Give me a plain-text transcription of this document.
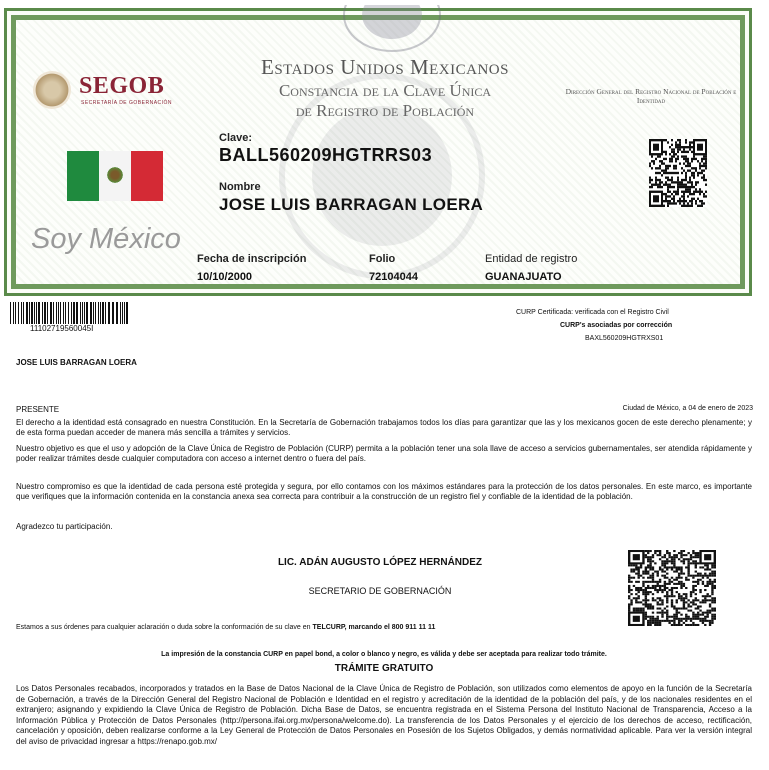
SEGOB
SECRETARÍA DE GOBERNACIÓN
Estados Unidos Mexicanos
Constancia de la Clave Única
de Registro de Población
Dirección General del Registro Nacional de Población e Identidad
Soy México
Clave:
BALL560209HGTRRS03
Nombre
JOSE LUIS BARRAGAN LOERA
Fecha de inscripción
10/10/2000
Folio
72104044
Entidad de registro
GUANAJUATO
11102719560045I
CURP Certificada: verificada con el Registro Civil
CURP's asociadas por corrección
BAXL560209HGTRXS01
JOSE LUIS BARRAGAN LOERA
PRESENTE	Ciudad de México, a 04 de enero de 2023
El derecho a la identidad está consagrado en nuestra Constitución. En la Secretaría de Gobernación trabajamos todos los días para garantizar que las y los mexicanos gocen de este derecho plenamente; y de esta forma puedan acceder de manera más sencilla a trámites y servicios.
Nuestro objetivo es que el uso y adopción de la Clave Única de Registro de Población (CURP) permita a la población tener una sola llave de acceso a servicios gubernamentales, ser atendida rápidamente y poder realizar trámites desde cualquier computadora con acceso a internet dentro o fuera del país.
Nuestro compromiso es que la identidad de cada persona esté protegida y segura, por ello contamos con los máximos estándares para la protección de los datos personales. En este marco, es importante que verifiques que la información contenida en la constancia anexa sea correcta para contribuir a la construcción de un registro fiel y confiable de la identidad de la población.
Agradezco tu participación.
LIC. ADÁN AUGUSTO LÓPEZ HERNÁNDEZ
SECRETARIO DE GOBERNACIÓN
Estamos a sus órdenes para cualquier aclaración o duda sobre la conformación de su clave en TELCURP, marcando el 800 911 11 11
La impresión de la constancia CURP en papel bond, a color o blanco y negro, es válida y debe ser aceptada para realizar todo trámite.
TRÁMITE GRATUITO
Los Datos Personales recabados, incorporados y tratados en la Base de Datos Nacional de la Clave Única de Registro de Población, son utilizados como elementos de apoyo en la función de la Secretaría de Gobernación, a través de la Dirección General del Registro Nacional de Población e Identidad en el registro y acreditación de la identidad de la población del país, y de los nacionales residentes en el extranjero; asignando y expidiendo la Clave Única de Registro de Población. Dicha Base de Datos, se encuentra registrada en el Sistema Persona del Instituto Nacional de Transparencia, Acceso a la Información Pública y Protección de Datos Personales (http://persona.ifai.org.mx/persona/welcome.do). La transferencia de los Datos Personales y el ejercicio de los derechos de acceso, rectificación, cancelación y oposición, deben realizarse conforme a la Ley General de Protección de Datos Personales en Posesión de los Sujetos Obligados, y demás normatividad aplicable. Para ver la versión integral del aviso de privacidad ingresar a https://renapo.gob.mx/
